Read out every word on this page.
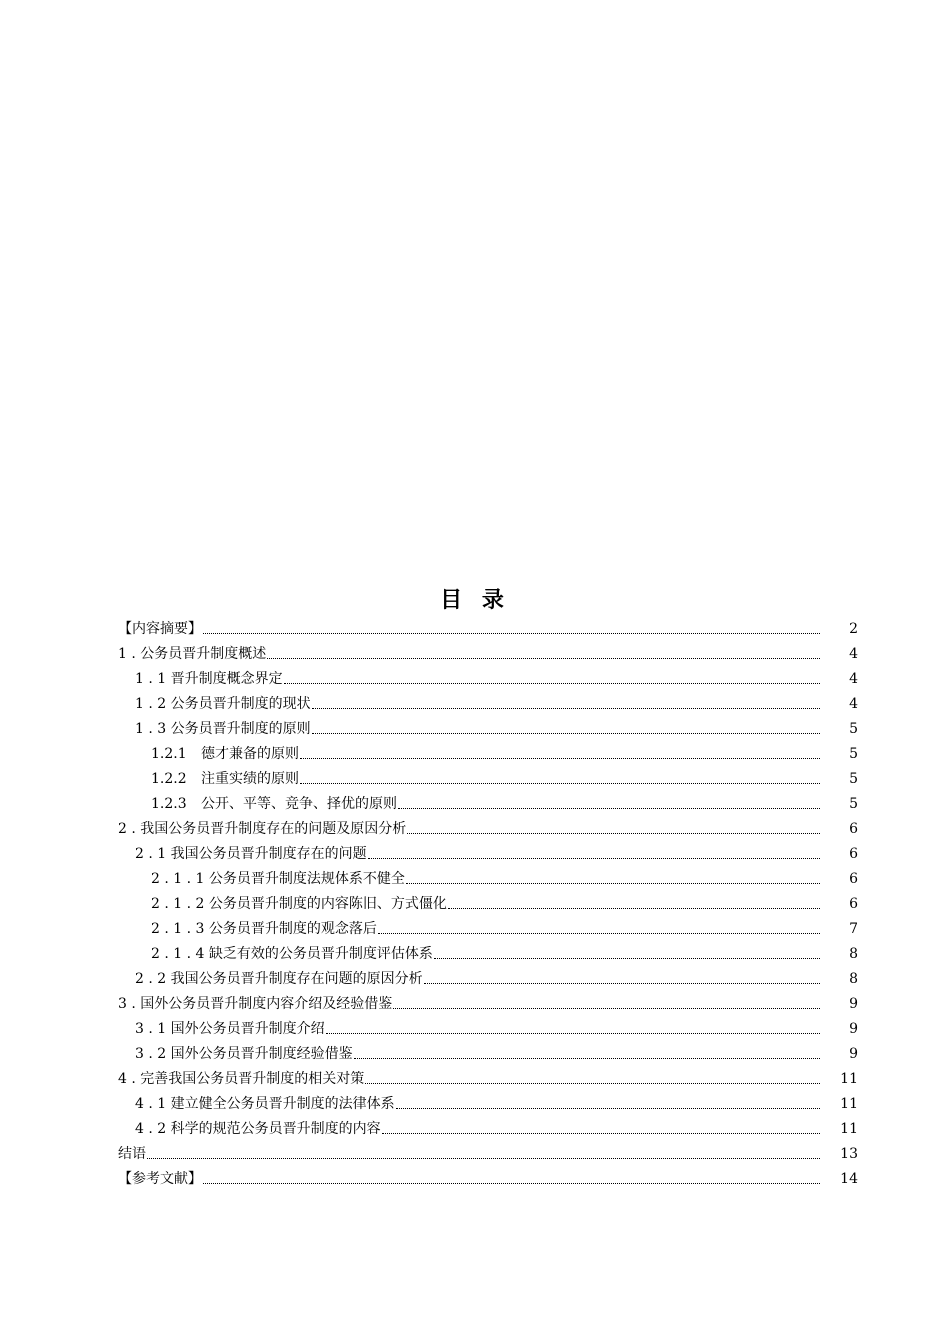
目 录
【内容摘要】	2
1 . 公务员晋升制度概述	4
1 . 1 晋升制度概念界定	4
1 . 2 公务员晋升制度的现状	4
1 . 3 公务员晋升制度的原则	5
1.2.1 德才兼备的原则	5
1.2.2 注重实绩的原则	5
1.2.3 公开、平等、竞争、择优的原则	5
2 . 我国公务员晋升制度存在的问题及原因分析	6
2 . 1 我国公务员晋升制度存在的问题	6
2 . 1 . 1 公务员晋升制度法规体系不健全	6
2 . 1 . 2 公务员晋升制度的内容陈旧、方式僵化	6
2 . 1 . 3 公务员晋升制度的观念落后	7
2 . 1 . 4 缺乏有效的公务员晋升制度评估体系	8
2 . 2 我国公务员晋升制度存在问题的原因分析	8
3 . 国外公务员晋升制度内容介绍及经验借鉴	9
3 . 1 国外公务员晋升制度介绍	9
3 . 2 国外公务员晋升制度经验借鉴	9
4 . 完善我国公务员晋升制度的相关对策	11
4 . 1 建立健全公务员晋升制度的法律体系	11
4 . 2 科学的规范公务员晋升制度的内容	11
结语	13
【参考文献】	14
